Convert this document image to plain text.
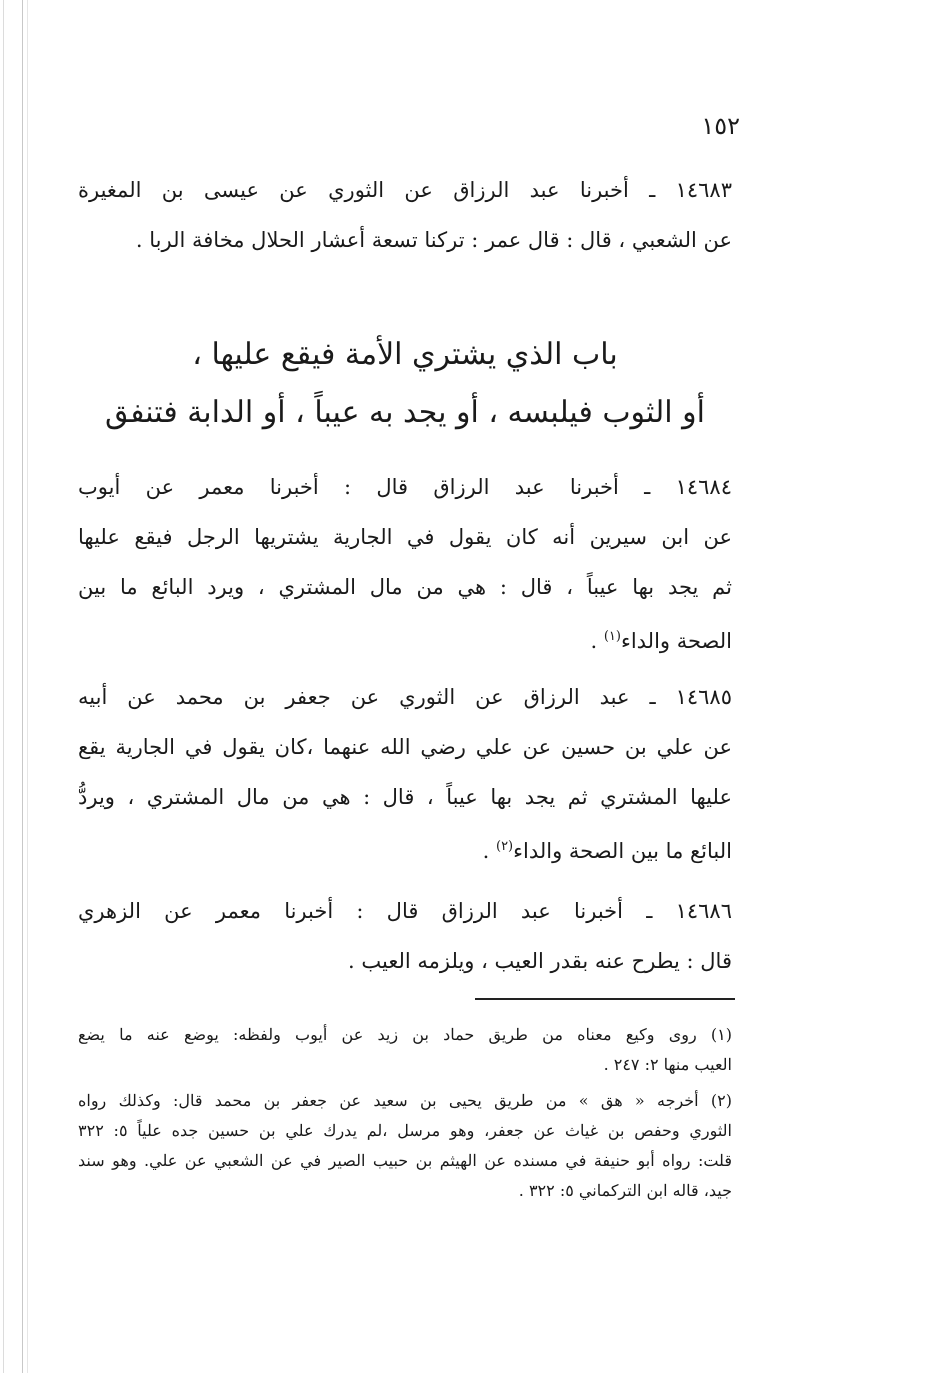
١٥٢
١٤٦٨٣ ـ أخبرنا عبد الرزاق عن الثوري عن عيسى بن المغيرة
عن الشعبي ، قال : قال عمر : تركنا تسعة أعشار الحلال مخافة الربا .
باب الذي يشتري الأمة فيقع عليها ،
أو الثوب فيلبسه ، أو يجد به عيباً ، أو الدابة فتنفق
١٤٦٨٤ ـ أخبرنا عبد الرزاق قال : أخبرنا معمر عن أيوب
عن ابن سيرين أنه كان يقول في الجارية يشتريها الرجل فيقع عليها
ثم يجد بها عيباً ، قال : هي من مال المشتري ، ويرد البائع ما بين
الصحة والداء$^{(١)}$ .
١٤٦٨٥ ـ عبد الرزاق عن الثوري عن جعفر بن محمد عن أبيه
عن علي بن حسين عن علي رضي الله عنهما ،كان يقول في الجارية يقع
عليها المشتري ثم يجد بها عيباً ، قال : هي من مال المشتري ، ويردُّ
البائع ما بين الصحة والداء$^{(٢)}$ .
١٤٦٨٦ ـ أخبرنا عبد الرزاق قال : أخبرنا معمر عن الزهري
قال : يطرح عنه بقدر العيب ، ويلزمه العيب .
(١) روى وكيع معناه من طريق حماد بن زيد عن أيوب ولفظه: يوضع عنه ما يضع
العيب منها ٢: ٢٤٧ .
(٢) أخرجه « هق » من طريق يحيى بن سعيد عن جعفر بن محمد قال: وكذلك رواه
الثوري وحفص بن غياث عن جعفر، وهو مرسل ،لم يدرك علي بن حسين جده علياً ٥: ٣٢٢
قلت: رواه أبو حنيفة في مسنده عن الهيثم بن حبيب الصير في عن الشعبي عن علي. وهو سند
جيد، قاله ابن التركماني ٥: ٣٢٢ .
